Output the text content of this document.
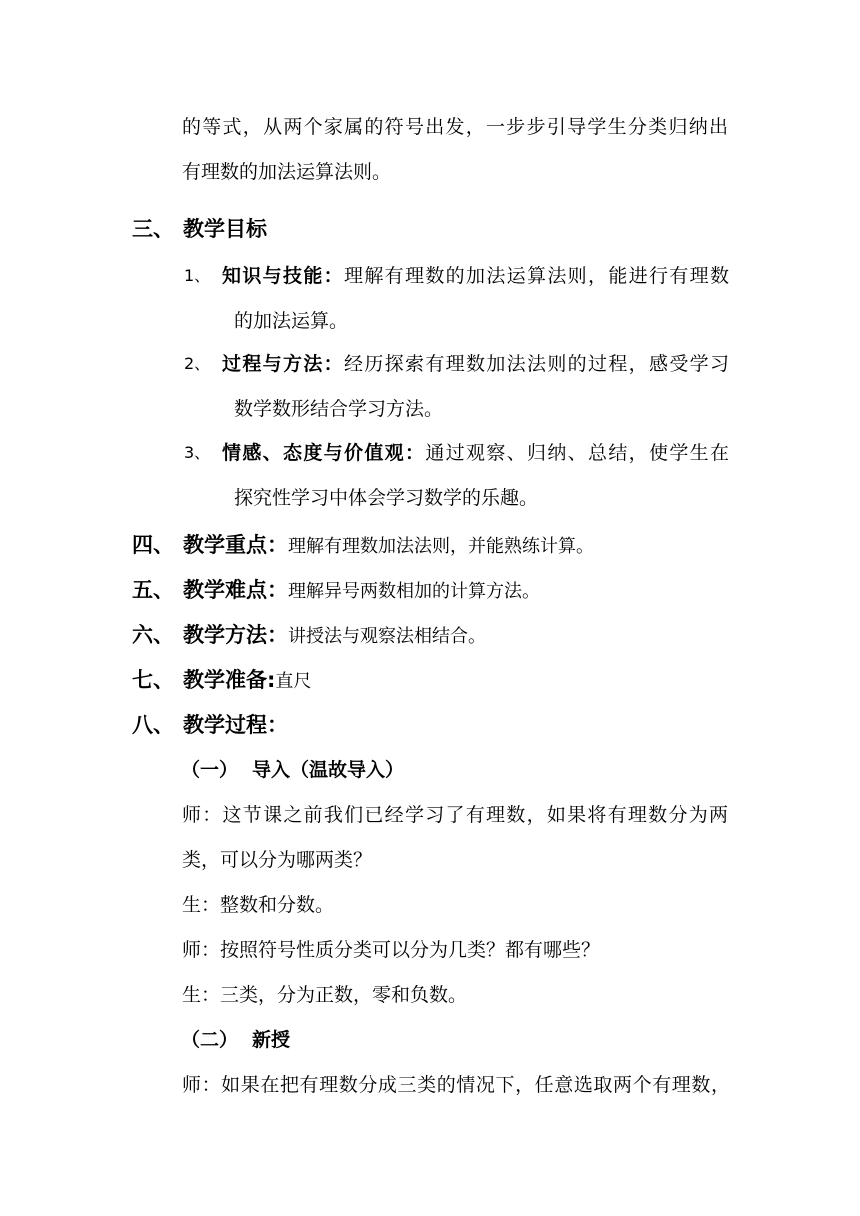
的等式，从两个家属的符号出发，一步步引导学生分类归纳出
有理数的加法运算法则。
三、 教学目标
1、 知识与技能：理解有理数的加法运算法则，能进行有理数
的加法运算。
2、 过程与方法：经历探索有理数加法法则的过程，感受学习
数学数形结合学习方法。
3、 情感、态度与价值观：通过观察、归纳、总结，使学生在
探究性学习中体会学习数学的乐趣。
四、 教学重点：理解有理数加法法则，并能熟练计算。
五、 教学难点：理解异号两数相加的计算方法。
六、 教学方法：讲授法与观察法相结合。
七、 教学准备:直尺
八、 教学过程：
（一） 导入（温故导入）
师：这节课之前我们已经学习了有理数，如果将有理数分为两
类，可以分为哪两类？
生：整数和分数。
师：按照符号性质分类可以分为几类？都有哪些？
生：三类，分为正数，零和负数。
（二） 新授
师：如果在把有理数分成三类的情况下，任意选取两个有理数，
